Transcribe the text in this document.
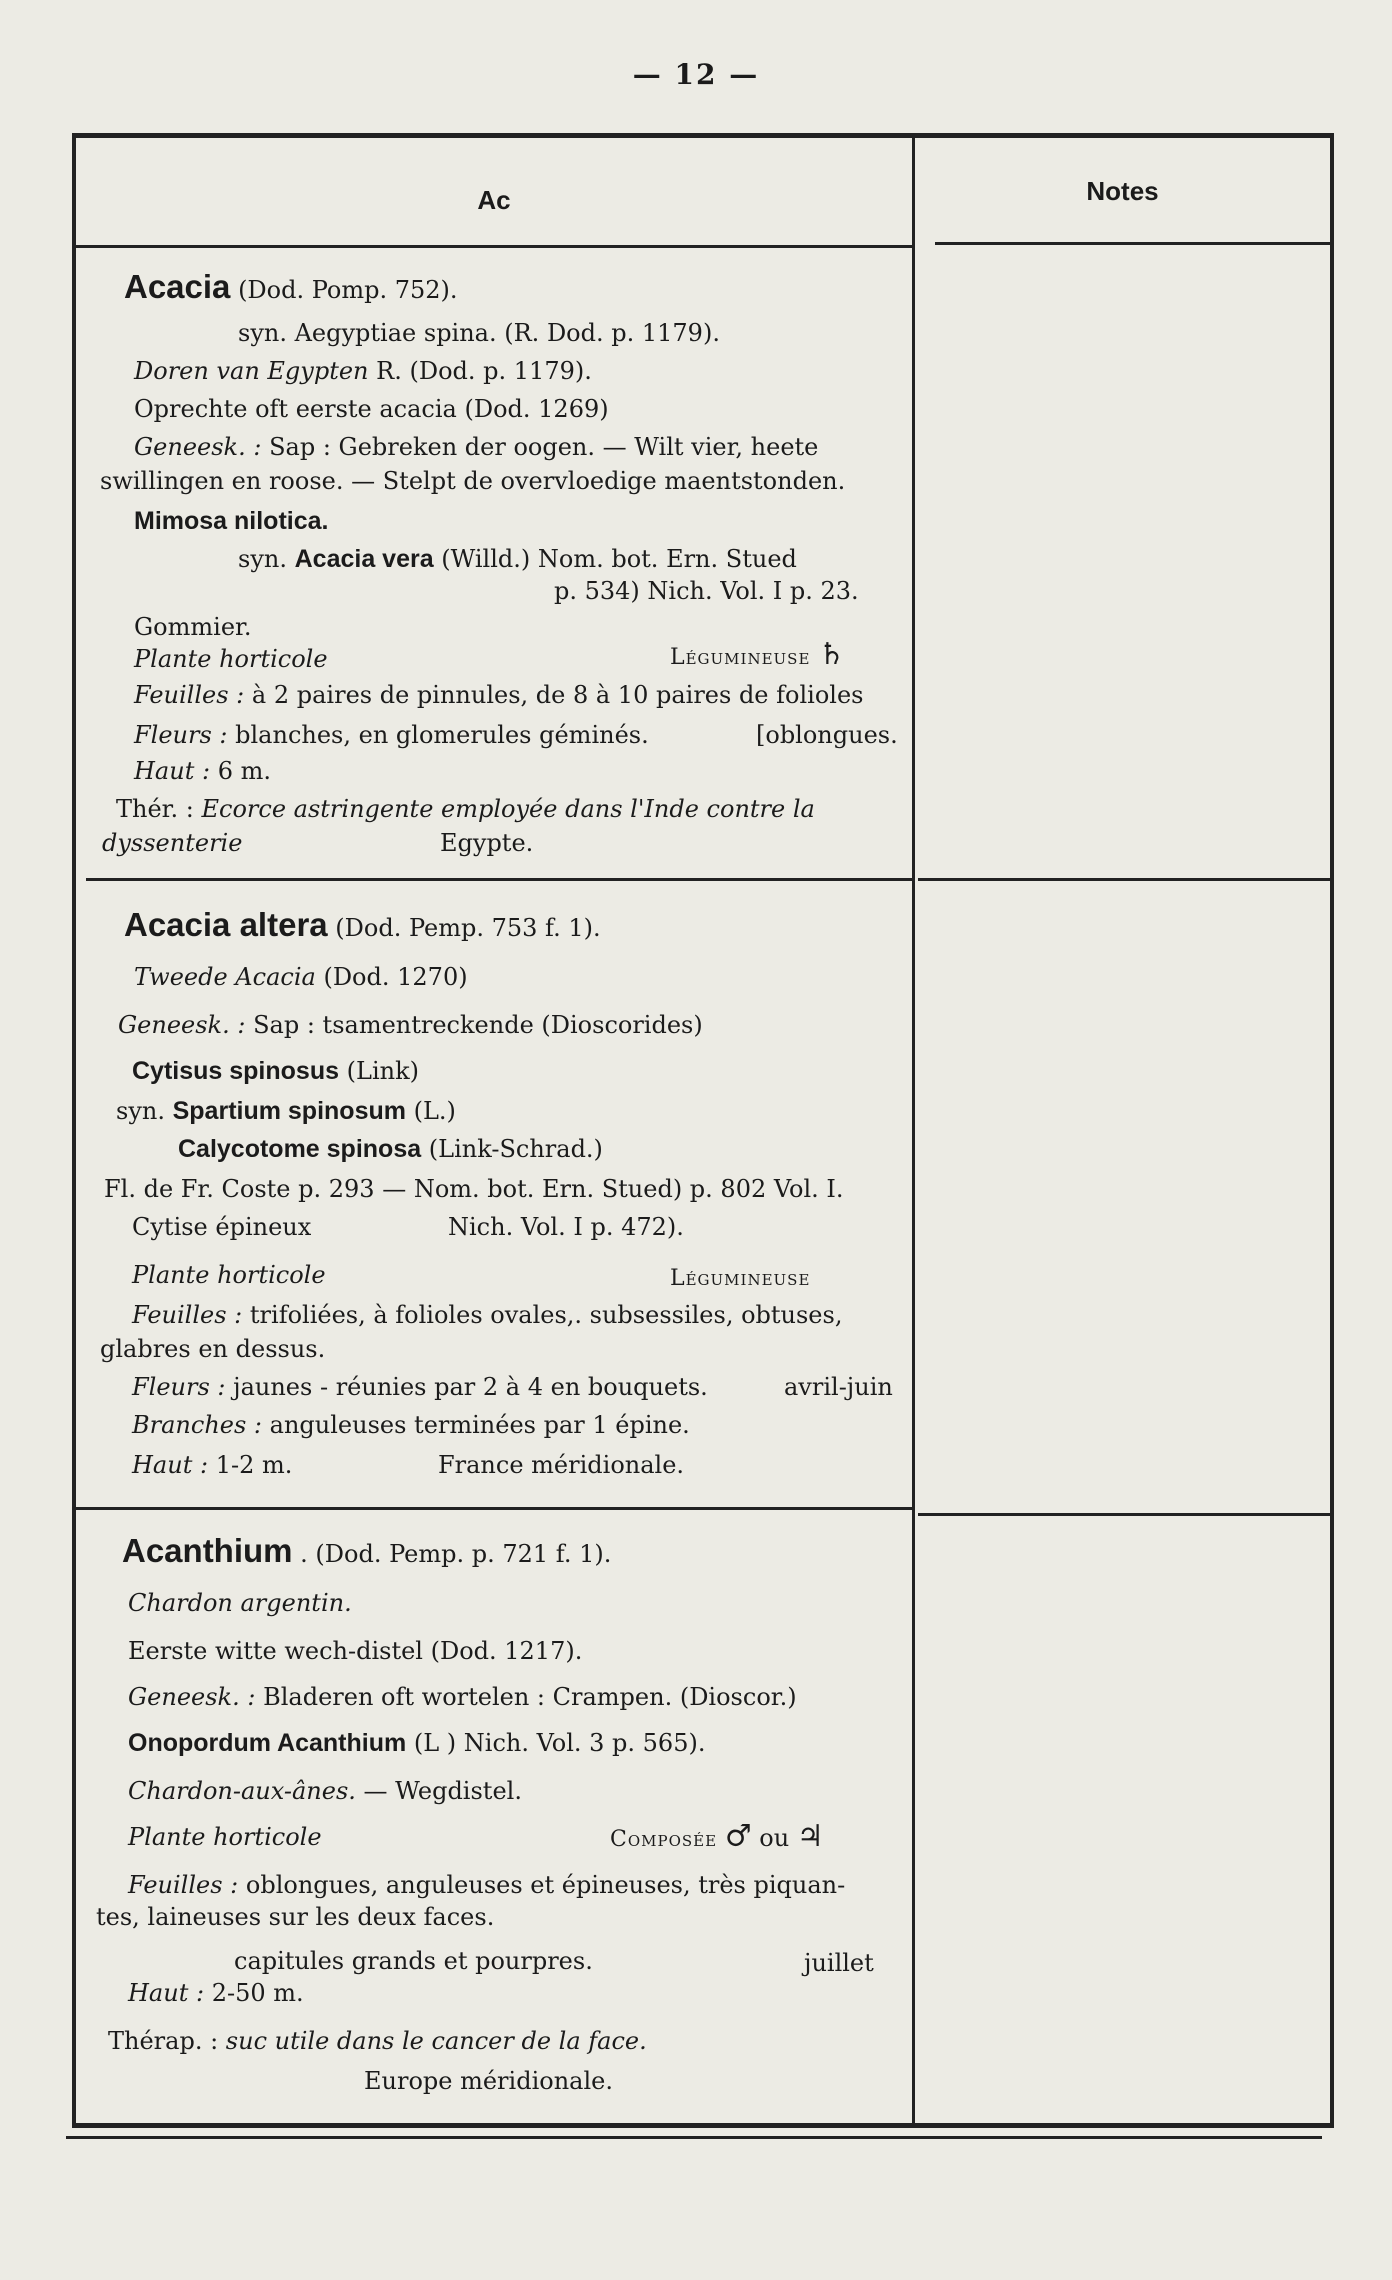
— 12 —
Ac	Notes
Acacia (Dod. Pomp. 752).
syn. Aegyptiae spina. (R. Dod. p. 1179).
Doren van Egypten R. (Dod. p. 1179).
Oprechte oft eerste acacia (Dod. 1269)
Geneesk. : Sap : Gebreken der oogen. — Wilt vier, heete
swillingen en roose. — Stelpt de overvloedige maentstonden.
Mimosa nilotica.
syn. Acacia vera (Willd.) Nom. bot. Ern. Stued
p. 534) Nich. Vol. I p. 23.
Gommier.
Plante horticole	Légumineuse ♄
Feuilles : à 2 paires de pinnules, de 8 à 10 paires de folioles
Fleurs : blanches, en glomerules géminés.	[oblongues.
Haut : 6 m.
Thér. : Ecorce astringente employée dans l'Inde contre la
dyssenterie	Egypte.
Acacia altera (Dod. Pemp. 753 f. 1).
Tweede Acacia (Dod. 1270)
Geneesk. : Sap : tsamentreckende (Dioscorides)
Cytisus spinosus (Link)
syn. Spartium spinosum (L.)
Calycotome spinosa (Link-Schrad.)
Fl. de Fr. Coste p. 293 — Nom. bot. Ern. Stued) p. 802 Vol. I.
Cytise épineux	Nich. Vol. I p. 472).
Plante horticole	Légumineuse
Feuilles : trifoliées, à folioles ovales,. subsessiles, obtuses,
glabres en dessus.
Fleurs : jaunes - réunies par 2 à 4 en bouquets.	avril-juin
Branches : anguleuses terminées par 1 épine.
Haut : 1-2 m.	France méridionale.
Acanthium . (Dod. Pemp. p. 721 f. 1).
Chardon argentin.
Eerste witte wech-distel (Dod. 1217).
Geneesk. : Bladeren oft wortelen : Crampen. (Dioscor.)
Onopordum Acanthium (L ) Nich. Vol. 3 p. 565).
Chardon-aux-ânes. — Wegdistel.
Plante horticole	Composée ♂ ou ♃
Feuilles : oblongues, anguleuses et épineuses, très piquan-
tes, laineuses sur les deux faces.
capitules grands et pourpres.	juillet
Haut : 2-50 m.
Thérap. : suc utile dans le cancer de la face.
Europe méridionale.
